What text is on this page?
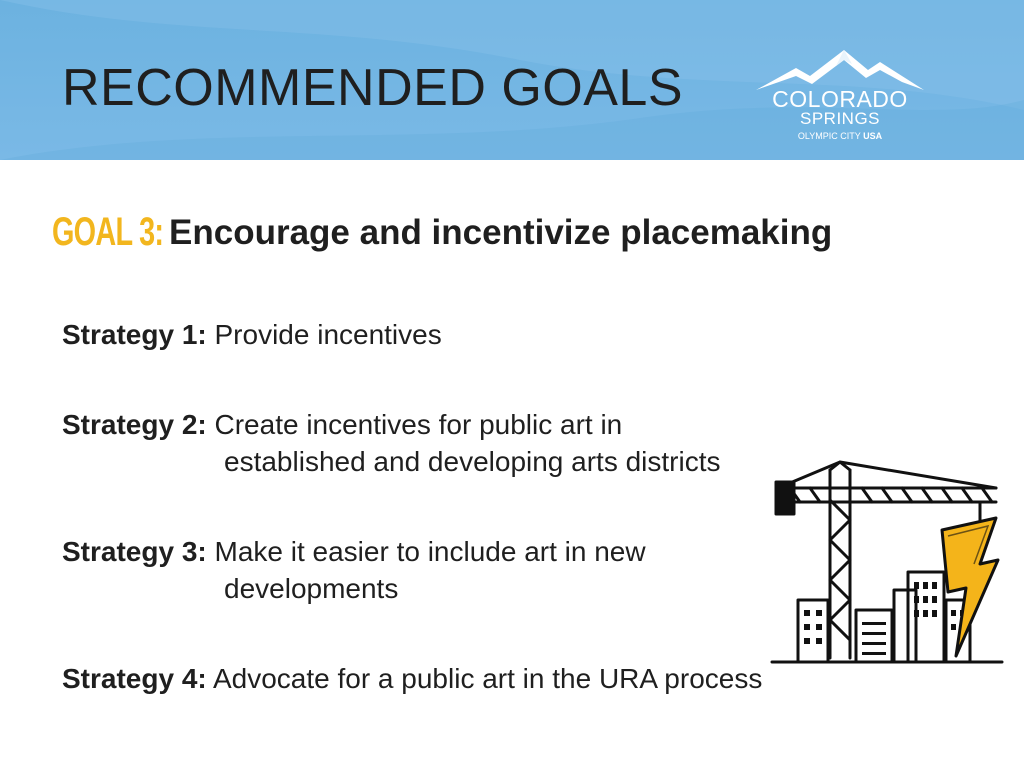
RECOMMENDED GOALS	COLORADO
SPRINGS
OLYMPIC CITY USA
GOAL 3: Encourage and incentivize placemaking
Strategy 1: Provide incentives
Strategy 2: Create incentives for public art in
established and developing arts districts
Strategy 3: Make it easier to include art in new
developments
Strategy 4: Advocate for a public art in the URA process
